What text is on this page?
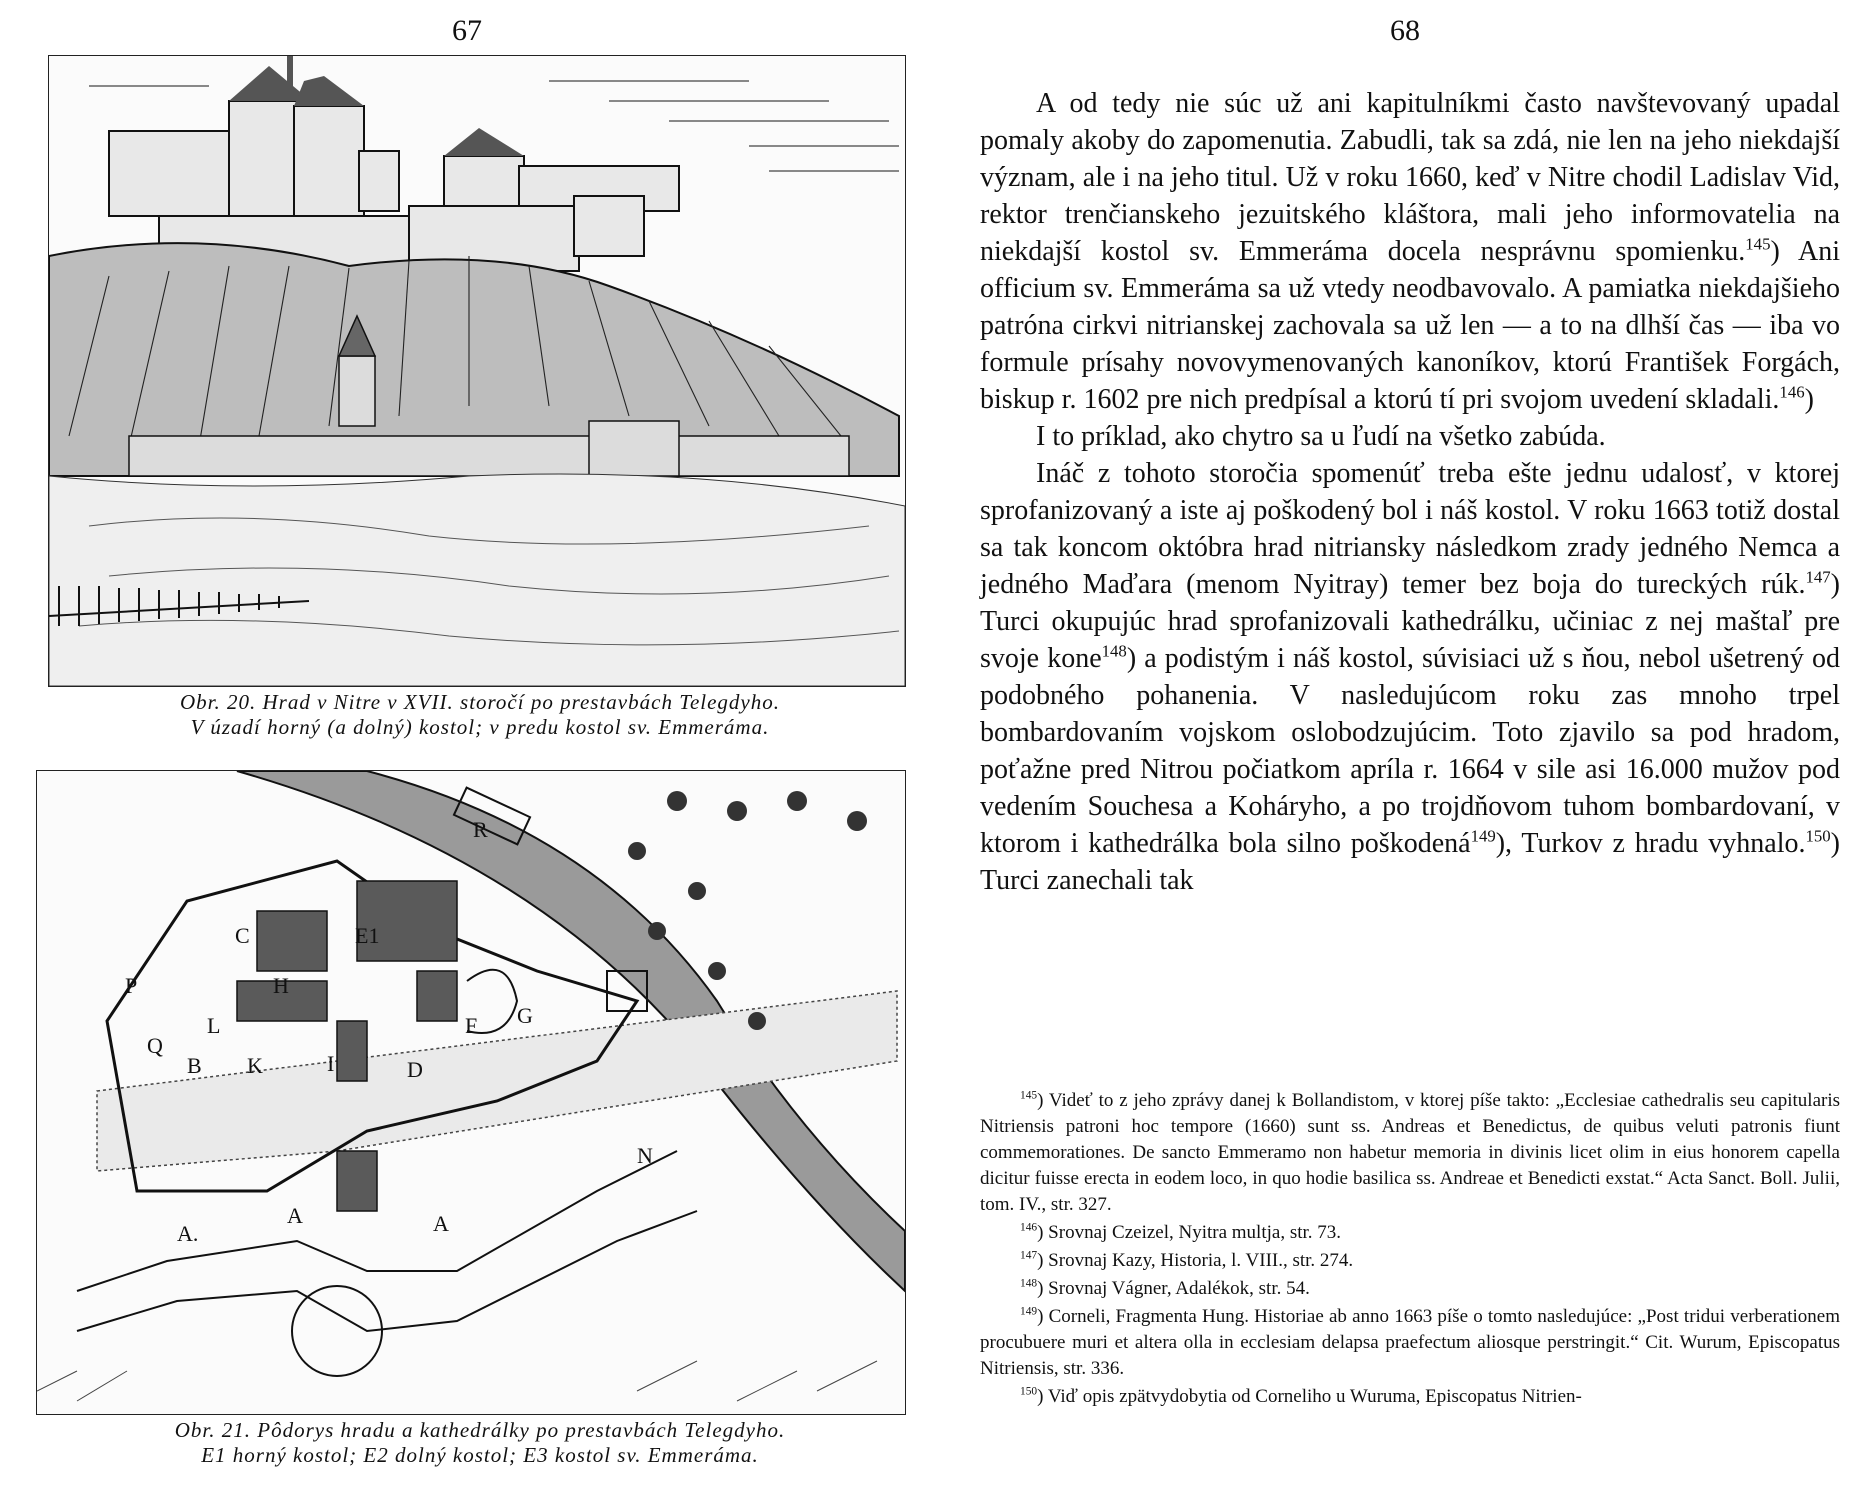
67
Obr. 20. Hrad v Nitre v XVII. storočí po prestavbách Telegdyho.
V úzadí horný (a dolný) kostol; v predu kostol sv. Emmeráma.
E1
C
H
P
L
Q
B K	I	D
F G
A.
A	A
N
R
Obr. 21. Pôdorys hradu a kathedrálky po prestavbách Telegdyho.
E1 horný kostol; E2 dolný kostol; E3 kostol sv. Emmeráma.
68

A od tedy nie súc už ani kapitulníkmi často navštevovaný upadal pomaly akoby do zapomenutia. Zabudli, tak sa zdá, nie len na jeho niekdajší význam, ale i na jeho titul. Už v roku 1660, keď v Nitre chodil Ladislav Vid, rektor trenčianskeho jezuitského kláštora, mali jeho informovatelia na niekdajší kostol sv. Emmeráma docela nesprávnu spomienku.$^{145}$) Ani officium sv. Emmeráma sa už vtedy neodbavovalo. A pamiatka niekdajšieho patróna cirkvi nitrianskej zachovala sa už len — a to na dlhší čas — iba vo formule prísahy novovymenovaných kanoníkov, ktorú František Forgách, biskup r. 1602 pre nich predpísal a ktorú tí pri svojom uvedení skladali.$^{146}$)

I to príklad, ako chytro sa u ľudí na všetko zabúda.

Ináč z tohoto storočia spomenúť treba ešte jednu udalosť, v ktorej sprofanizovaný a iste aj poškodený bol i náš kostol. V roku 1663 totiž dostal sa tak koncom októbra hrad nitriansky následkom zrady jedného Nemca a jedného Maďara (menom Nyitray) temer bez boja do tureckých rúk.$^{147}$) Turci okupujúc hrad sprofanizovali kathedrálku, učiniac z nej maštaľ pre svoje kone$^{148}$) a podistým i náš kostol, súvisiaci už s ňou, nebol ušetrený od podobného pohanenia. V nasledujúcom roku zas mnoho trpel bombardovaním vojskom oslobodzujúcim. Toto zjavilo sa pod hradom, poťažne pred Nitrou počiatkom apríla r. 1664 v sile asi 16.000 mužov pod vedením Souchesa a Koháryho, a po trojdňovom tuhom bombardovaní, v ktorom i kathedrálka bola silno poškodená$^{149}$), Turkov z hradu vyhnalo.$^{150}$) Turci zanechali tak

$^{145}$) Videť to z jeho zprávy danej k Bollandistom, v ktorej píše takto: „Ecclesiae cathedralis seu capitularis Nitriensis patroni hoc tempore (1660) sunt ss. Andreas et Benedictus, de quibus veluti patronis fiunt commemorationes. De sancto Emmeramo non habetur memoria in divinis licet olim in eius honorem capella dicitur fuisse erecta in eodem loco, in quo hodie basilica ss. Andreae et Benedicti exstat.“ Acta Sanct. Boll. Julii, tom. IV., str. 327.

$^{146}$) Srovnaj Czeizel, Nyitra multja, str. 73.

$^{147}$) Srovnaj Kazy, Historia, l. VIII., str. 274.

$^{148}$) Srovnaj Vágner, Adalékok, str. 54.

$^{149}$) Corneli, Fragmenta Hung. Historiae ab anno 1663 píše o tomto nasledujúce: „Post tridui verberationem procubuere muri et altera olla in ecclesiam delapsa praefectum aliosque perstringit.“ Cit. Wurum, Episcopatus Nitriensis, str. 336.

$^{150}$) Viď opis zpätvydobytia od Corneliho u Wuruma, Episcopatus Nitrien-
